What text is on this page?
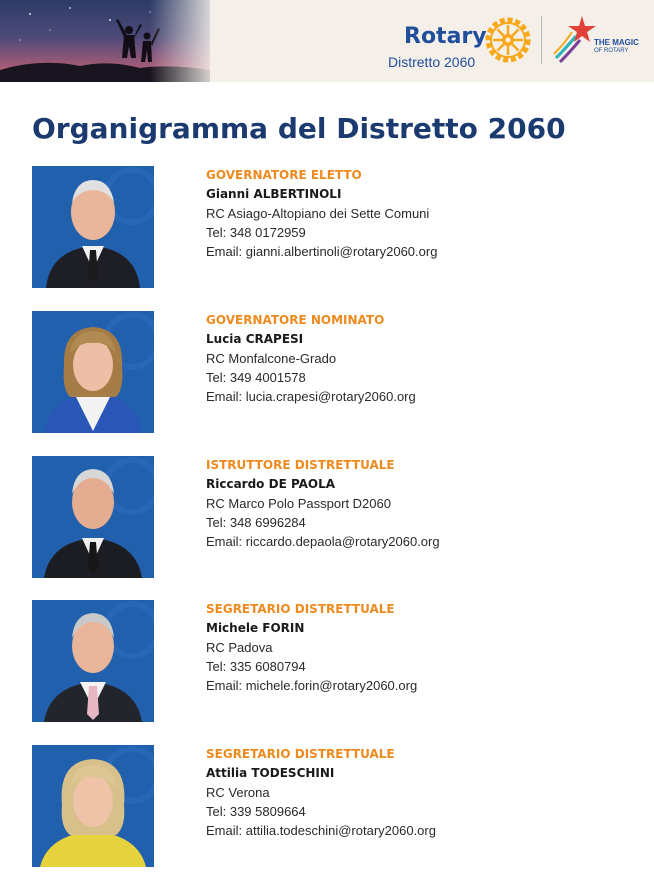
Rotary
Distretto 2060
THE MAGIC
OF ROTARY
Organigramma del Distretto 2060
GOVERNATORE ELETTO
Gianni ALBERTINOLI
RC Asiago-Altopiano dei Sette Comuni
Tel: 348 0172959
Email: gianni.albertinoli@rotary2060.org
GOVERNATORE NOMINATO
Lucia CRAPESI
RC Monfalcone-Grado
Tel: 349 4001578
Email: lucia.crapesi@rotary2060.org
ISTRUTTORE DISTRETTUALE
Riccardo DE PAOLA
RC Marco Polo Passport D2060
Tel: 348 6996284
Email: riccardo.depaola@rotary2060.org
SEGRETARIO DISTRETTUALE
Michele FORIN
RC Padova
Tel: 335 6080794
Email: michele.forin@rotary2060.org
SEGRETARIO DISTRETTUALE
Attilia TODESCHINI
RC Verona
Tel: 339 5809664
Email: attilia.todeschini@rotary2060.org
